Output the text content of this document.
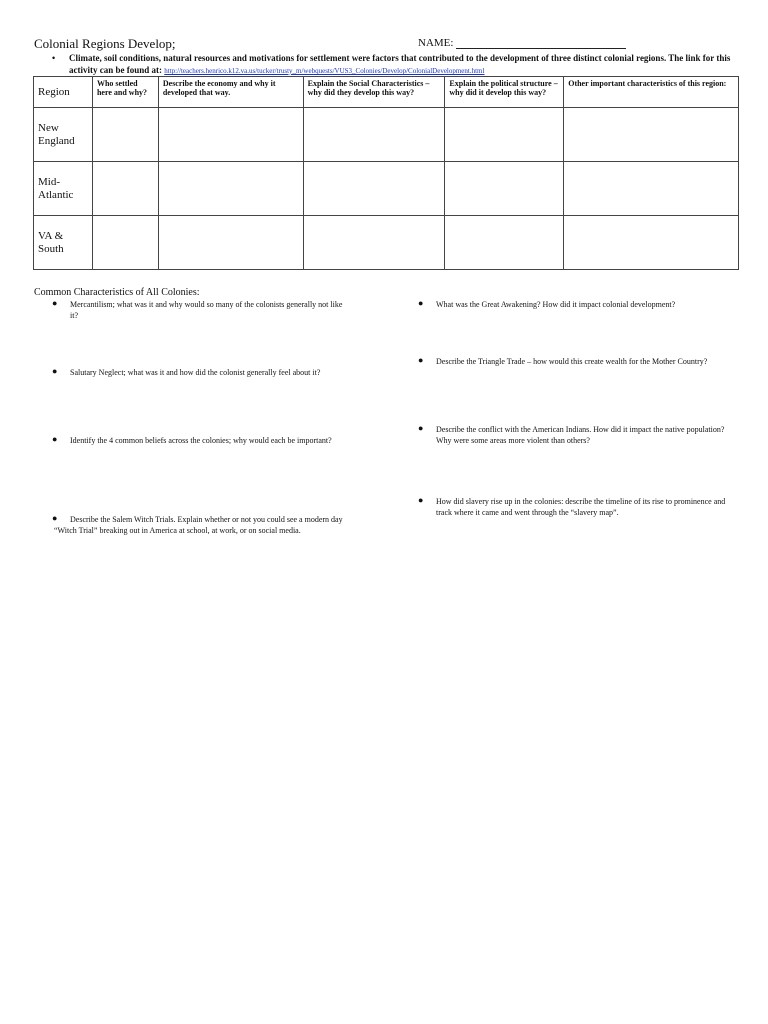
Colonial Regions Develop;	NAME:
• Climate, soil conditions, natural resources and motivations for settlement were factors that contributed to the development of three distinct colonial regions. The link for this activity can be found at: http://teachers.henrico.k12.va.us/tucker/trusty_m/webquests/VUS3_Colonies/Develop/ColonialDevelopment.html
Region	Who settled here and why?	Describe the economy and why it developed that way.	Explain the Social Characteristics – why did they develop this way?	Explain the political structure – why did it develop this way?	Other important characteristics of this region:
New England					
Mid-Atlantic					
VA & South					
Common Characteristics of All Colonies:
● Mercantilism; what was it and why would so many of the colonists generally not like it?
● Salutary Neglect; what was it and how did the colonist generally feel about it?
● Identify the 4 common beliefs across the colonies; why would each be important?
● Describe the Salem Witch Trials. Explain whether or not you could see a modern day
“Witch Trial” breaking out in America at school, at work, or on social media.
● What was the Great Awakening? How did it impact colonial development?
● Describe the Triangle Trade – how would this create wealth for the Mother Country?
● Describe the conflict with the American Indians. How did it impact the native population? Why were some areas more violent than others?
● How did slavery rise up in the colonies: describe the timeline of its rise to prominence and track where it came and went through the “slavery map”.
